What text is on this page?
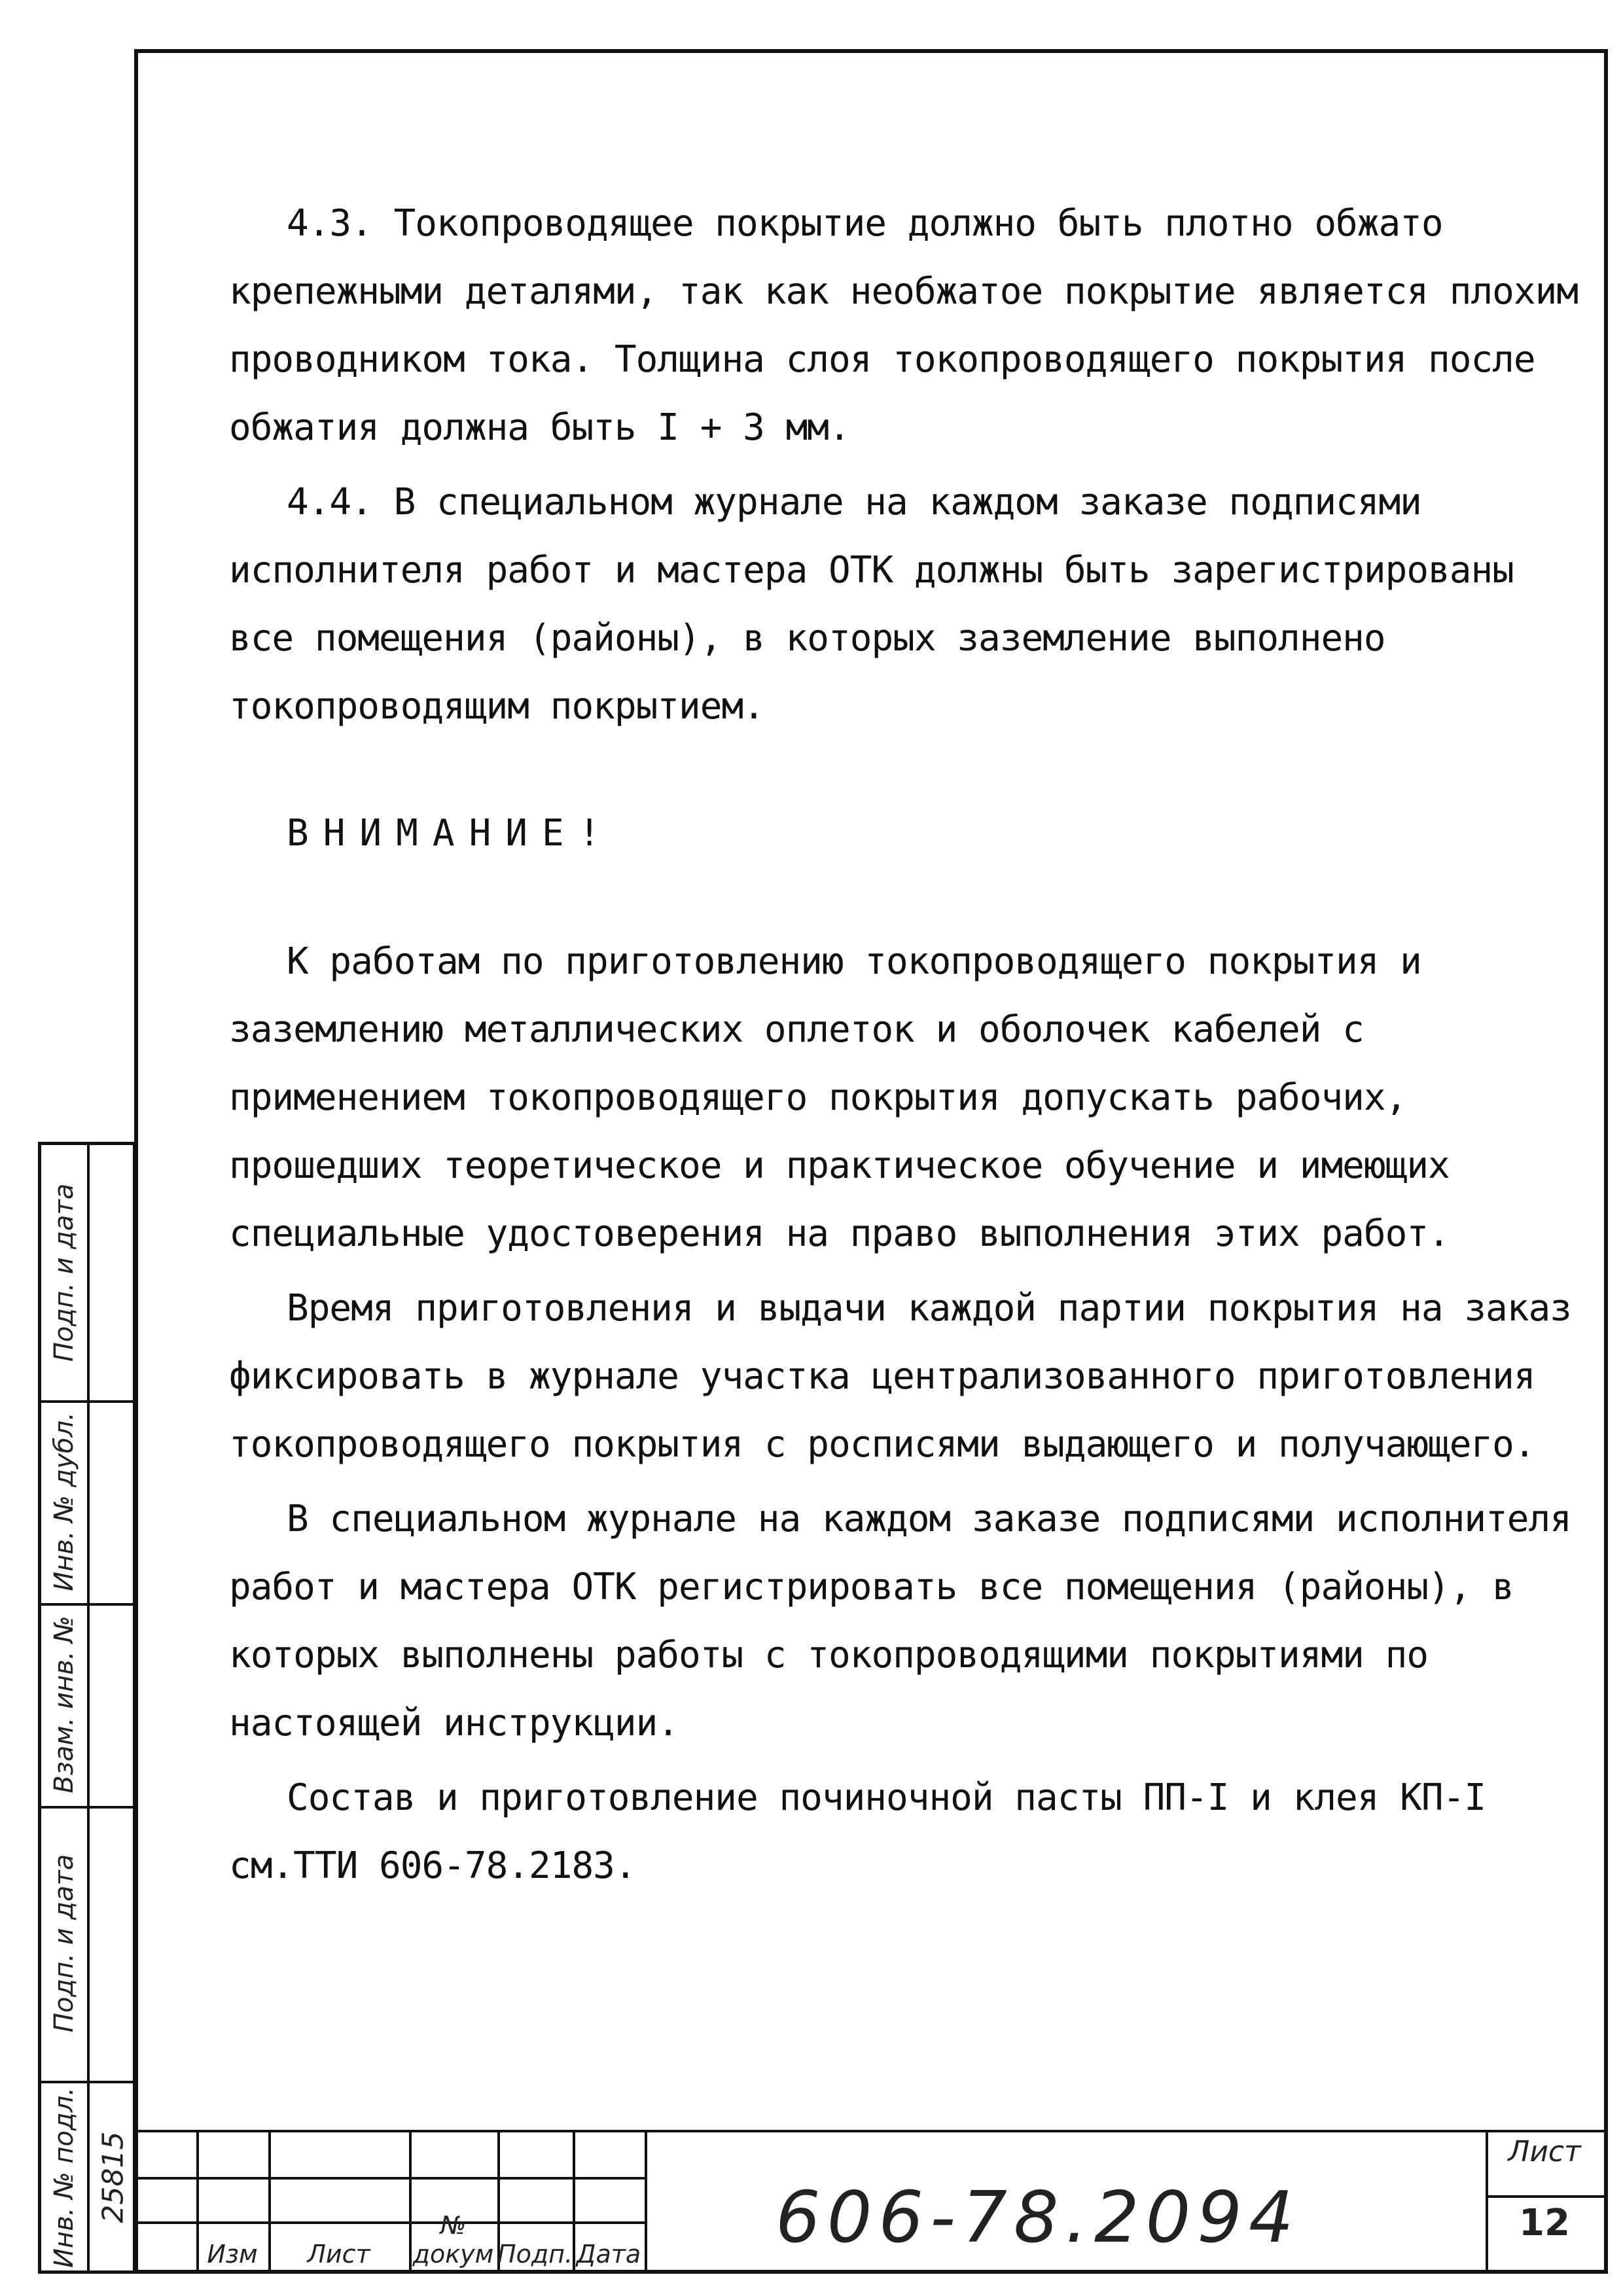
4.3. Токопроводящее покрытие должно быть плотно обжато крепежными деталями, так как необжатое покрытие является плохим проводником тока. Толщина слоя токопроводящего покрытия после обжатия должна быть I + 3 мм.

4.4. В специальном журнале на каждом заказе подписями исполнителя работ и мастера ОТК должны быть зарегистрированы все помещения (районы), в которых заземление выполнено токопроводящим покрытием.

ВНИМАНИЕ!

К работам по приготовлению токопроводящего покрытия и заземлению металлических оплеток и оболочек кабелей с применением токопроводящего покрытия допускать рабочих, прошедших теоретическое и практическое обучение и имеющих специальные удостоверения на право выполнения этих работ.

Время приготовления и выдачи каждой партии покрытия на заказ фиксировать в журнале участка централизованного приготовления токопроводящего покрытия с росписями выдающего и получающего.

В специальном журнале на каждом заказе подписями исполнителя работ и мастера ОТК регистрировать все помещения (районы), в которых выполнены работы с токопроводящими покрытиями по настоящей инструкции.

Состав и приготовление починочной пасты ПП-I и клея КП-I см.ТТИ 606-78.2183.

Подп. и дата
Инв. № дубл.
Взам. инв. №
Подп. и дата
Инв. № подл. 25815
Изм	Лист
№ докум Подп. Дата 606-78.2094
Лист
12
